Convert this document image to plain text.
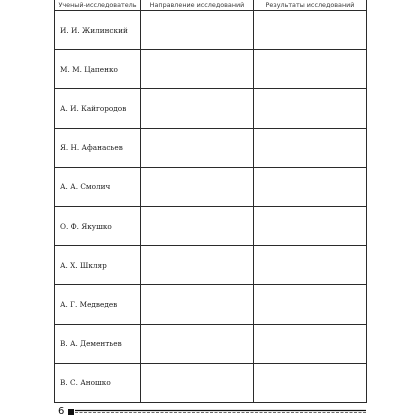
Ученый-исследователь	Направление исследований	Результаты исследований
И. И. Жилинский		
М. М. Цапенко		
А. И. Кайгородов		
Я. Н. Афанасьев		
А. А. Смолич		
О. Ф. Якушко		
А. Х. Шкляр		
А. Г. Медведев		
В. А. Дементьев		
В. С. Аношко		
6
